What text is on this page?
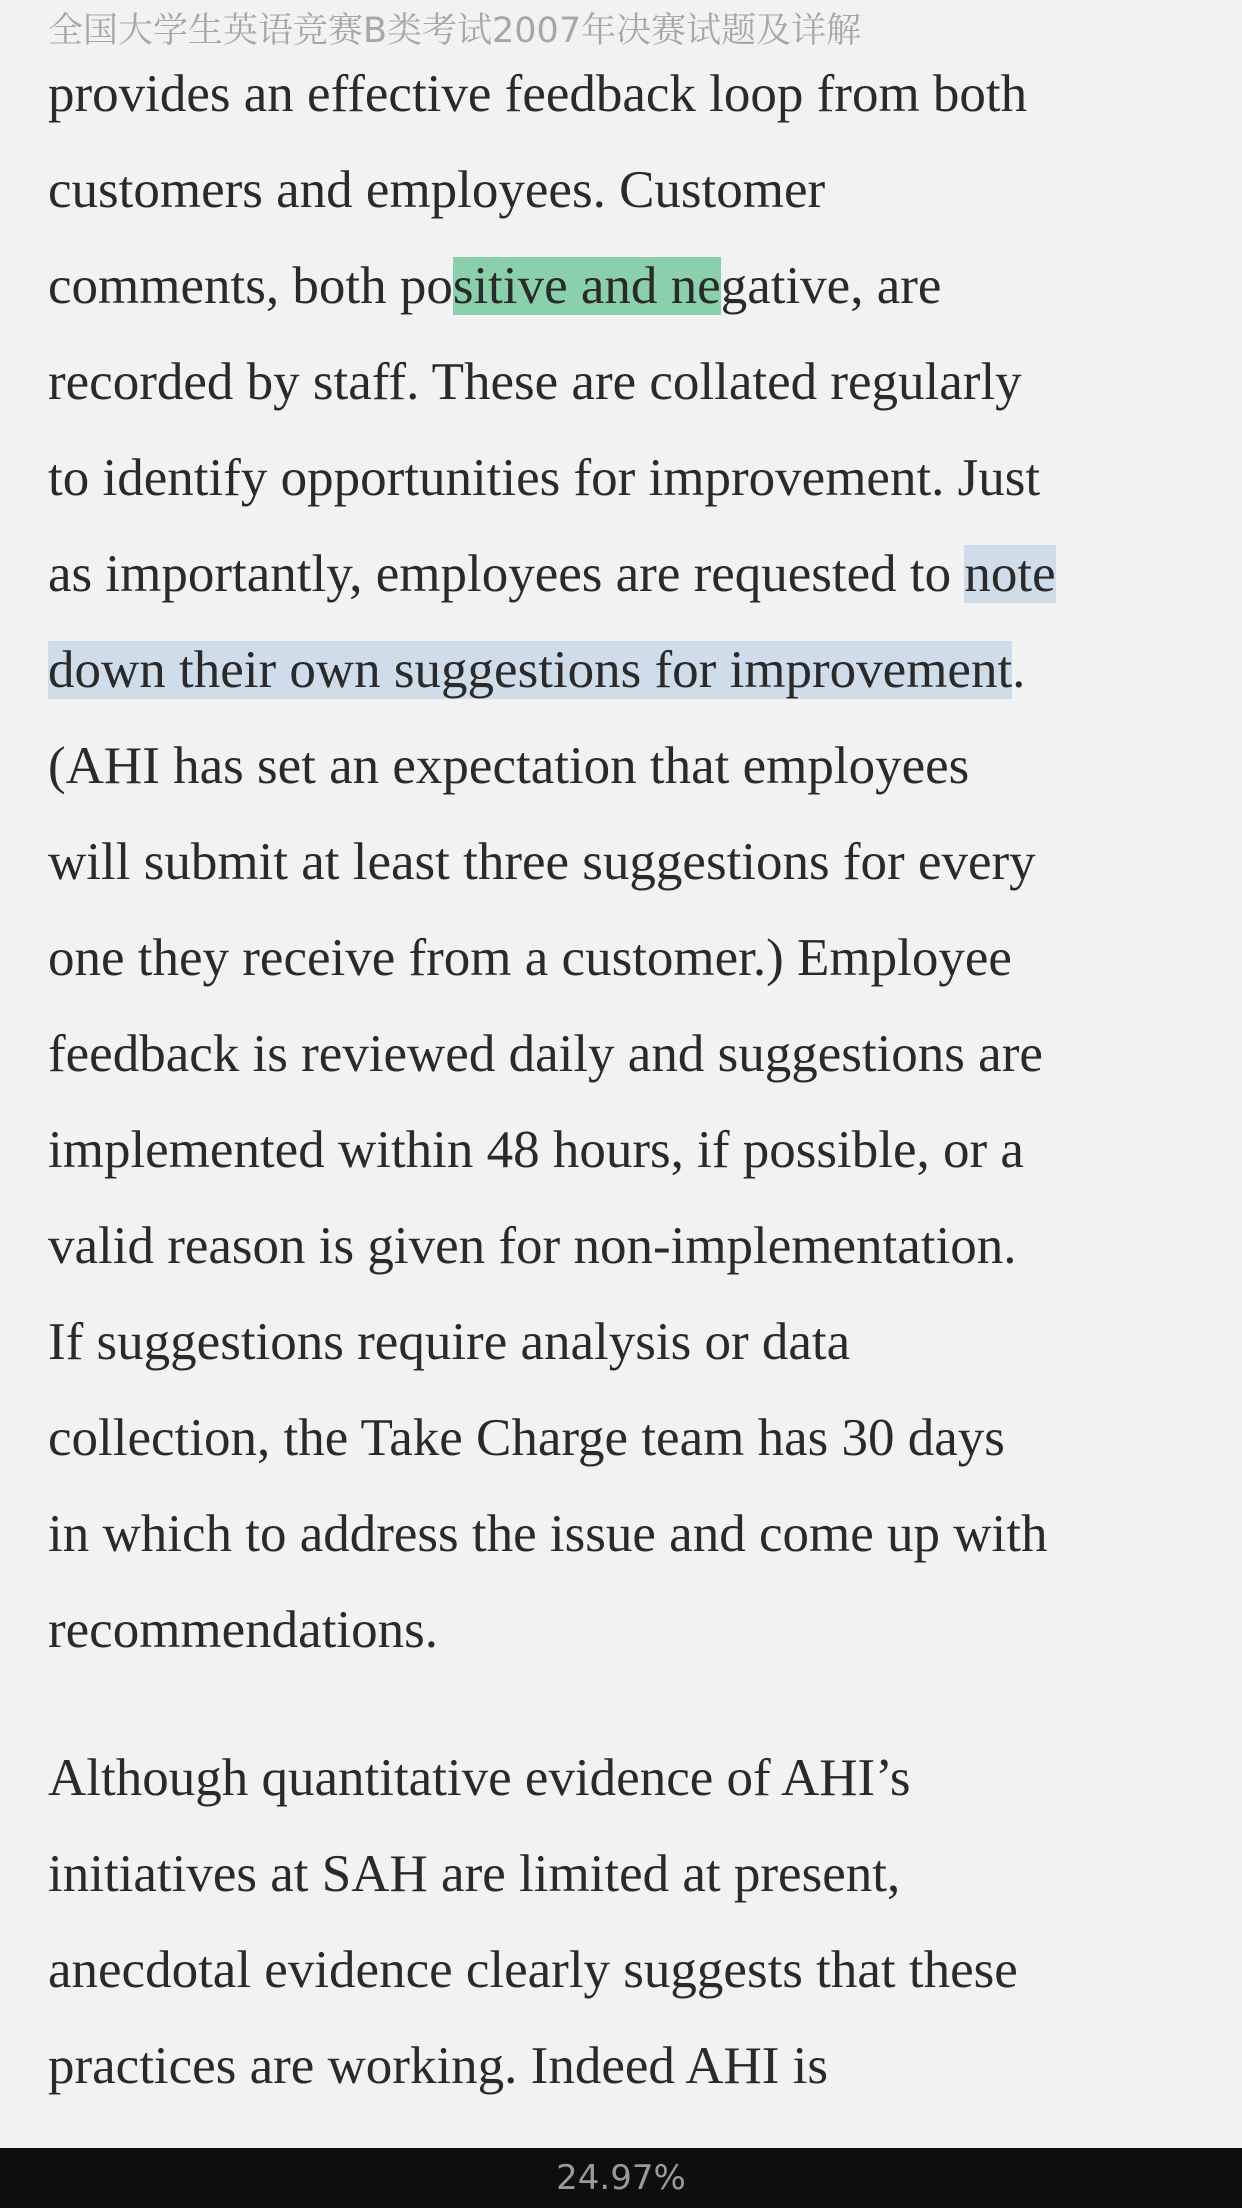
全国大学生英语竞赛B类考试2007年决赛试题及详解
provides an effective feedback loop from both
customers and employees. Customer
comments, both positive and negative, are
recorded by staff. These are collated regularly
to identify opportunities for improvement. Just
as importantly, employees are requested to note
down their own suggestions for improvement.
(AHI has set an expectation that employees
will submit at least three suggestions for every
one they receive from a customer.) Employee
feedback is reviewed daily and suggestions are
implemented within 48 hours, if possible, or a
valid reason is given for non-implementation.
If suggestions require analysis or data
collection, the Take Charge team has 30 days
in which to address the issue and come up with
recommendations.
Although quantitative evidence of AHI’s
initiatives at SAH are limited at present,
anecdotal evidence clearly suggests that these
practices are working. Indeed AHI is
24.97%
